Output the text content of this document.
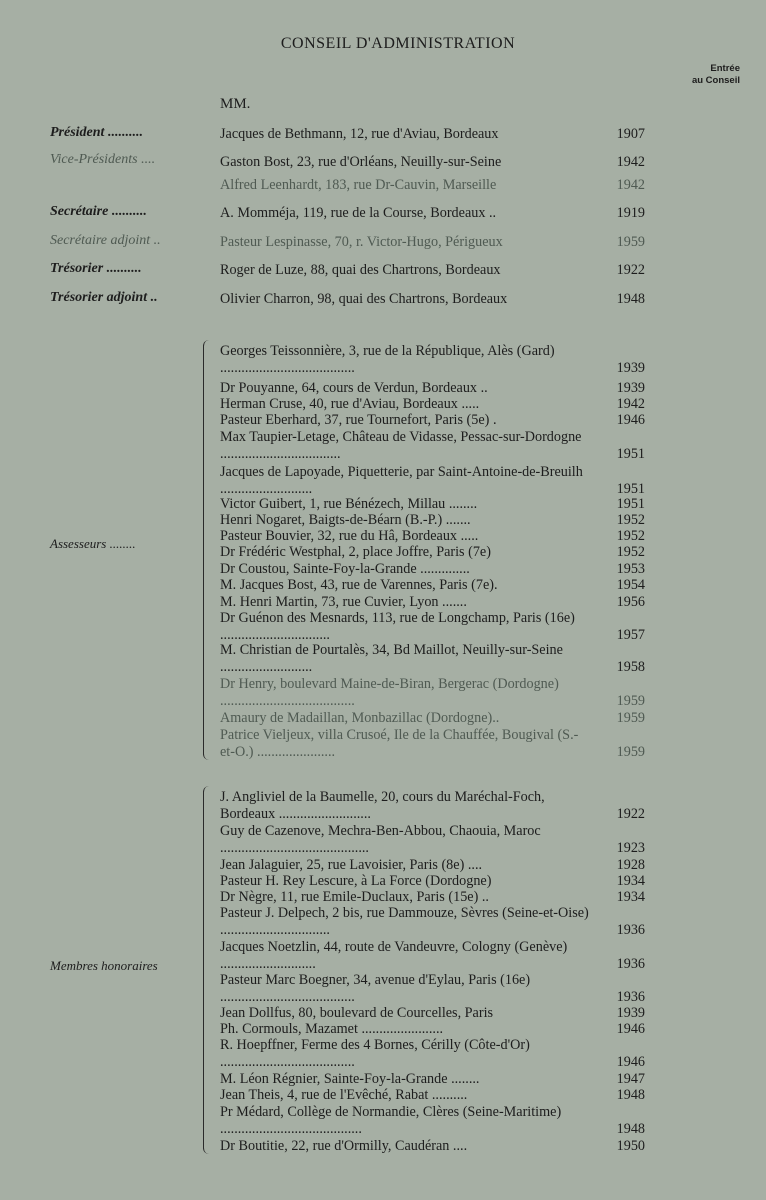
CONSEIL D'ADMINISTRATION
Entrée
au Conseil
MM.
Président ..........	Jacques de Bethmann, 12, rue d'Aviau, Bordeaux	1907
Vice-Présidents ....	Gaston Bost, 23, rue d'Orléans, Neuilly-sur-Seine	1942
Alfred Leenhardt, 183, rue Dr-Cauvin, Marseille	1942
Secrétaire ..........	A. Momméja, 119, rue de la Course, Bordeaux ..	1919
Secrétaire adjoint ..	Pasteur Lespinasse, 70, r. Victor-Hugo, Périgueux	1959
Trésorier ..........	Roger de Luze, 88, quai des Chartrons, Bordeaux	1922
Trésorier adjoint ..	Olivier Charron, 98, quai des Chartrons, Bordeaux	1948
Assesseurs ........
Georges Teissonnière, 3, rue de la République, Alès (Gard) ......................................	1939
Dr Pouyanne, 64, cours de Verdun, Bordeaux ..	1939
Herman Cruse, 40, rue d'Aviau, Bordeaux .....	1942
Pasteur Eberhard, 37, rue Tournefort, Paris (5e) .	1946
Max Taupier-Letage, Château de Vidasse, Pessac-sur-Dordogne ..................................	1951
Jacques de Lapoyade, Piquetterie, par Saint-Antoine-de-Breuilh ..........................	1951
Victor Guibert, 1, rue Bénézech, Millau ........	1951
Henri Nogaret, Baigts-de-Béarn (B.-P.) .......	1952
Pasteur Bouvier, 32, rue du Hâ, Bordeaux .....	1952
Dr Frédéric Westphal, 2, place Joffre, Paris (7e)	1952
Dr Coustou, Sainte-Foy-la-Grande ..............	1953
M. Jacques Bost, 43, rue de Varennes, Paris (7e).	1954
M. Henri Martin, 73, rue Cuvier, Lyon .......	1956
Dr Guénon des Mesnards, 113, rue de Longchamp, Paris (16e) ...............................	1957
M. Christian de Pourtalès, 34, Bd Maillot, Neuilly-sur-Seine ..........................	1958
Dr Henry, boulevard Maine-de-Biran, Bergerac (Dordogne) ......................................	1959
Amaury de Madaillan, Monbazillac (Dordogne)..	1959
Patrice Vieljeux, villa Crusoé, Ile de la Chauffée, Bougival (S.-et-O.) ......................	1959
Membres honoraires
J. Angliviel de la Baumelle, 20, cours du Maréchal-Foch, Bordeaux ..........................	1922
Guy de Cazenove, Mechra-Ben-Abbou, Chaouia, Maroc ..........................................	1923
Jean Jalaguier, 25, rue Lavoisier, Paris (8e) ....	1928
Pasteur H. Rey Lescure, à La Force (Dordogne)	1934
Dr Nègre, 11, rue Emile-Duclaux, Paris (15e) ..	1934
Pasteur J. Delpech, 2 bis, rue Dammouze, Sèvres (Seine-et-Oise) ...............................	1936
Jacques Noetzlin, 44, route de Vandeuvre, Cologny (Genève) ...........................	1936
Pasteur Marc Boegner, 34, avenue d'Eylau, Paris (16e) ......................................	1936
Jean Dollfus, 80, boulevard de Courcelles, Paris	1939
Ph. Cormouls, Mazamet .......................	1946
R. Hoepffner, Ferme des 4 Bornes, Cérilly (Côte-d'Or) ......................................	1946
M. Léon Régnier, Sainte-Foy-la-Grande ........	1947
Jean Theis, 4, rue de l'Evêché, Rabat ..........	1948
Pr Médard, Collège de Normandie, Clères (Seine-Maritime) ........................................	1948
Dr Boutitie, 22, rue d'Ormilly, Caudéran ....	1950
